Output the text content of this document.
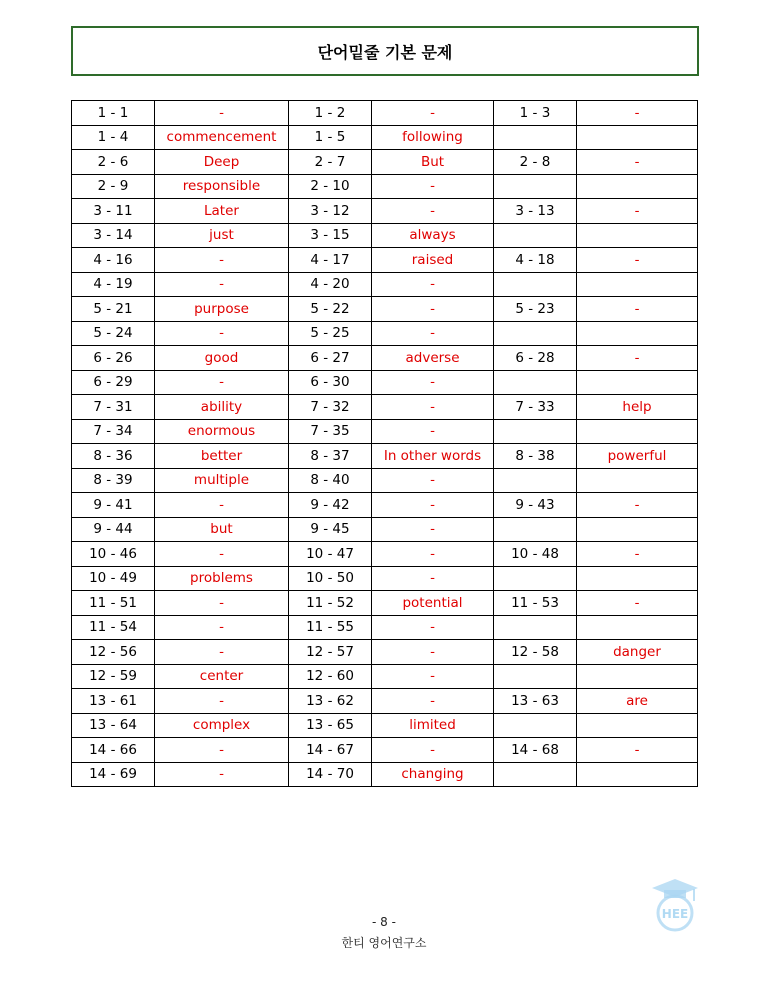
단어밑줄 기본 문제
1 - 1	-	1 - 2	-	1 - 3	-
1 - 4	commencement	1 - 5	following		
2 - 6	Deep	2 - 7	But	2 - 8	-
2 - 9	responsible	2 - 10	-		
3 - 11	Later	3 - 12	-	3 - 13	-
3 - 14	just	3 - 15	always		
4 - 16	-	4 - 17	raised	4 - 18	-
4 - 19	-	4 - 20	-		
5 - 21	purpose	5 - 22	-	5 - 23	-
5 - 24	-	5 - 25	-		
6 - 26	good	6 - 27	adverse	6 - 28	-
6 - 29	-	6 - 30	-		
7 - 31	ability	7 - 32	-	7 - 33	help
7 - 34	enormous	7 - 35	-		
8 - 36	better	8 - 37	In other words	8 - 38	powerful
8 - 39	multiple	8 - 40	-		
9 - 41	-	9 - 42	-	9 - 43	-
9 - 44	but	9 - 45	-		
10 - 46	-	10 - 47	-	10 - 48	-
10 - 49	problems	10 - 50	-		
11 - 51	-	11 - 52	potential	11 - 53	-
11 - 54	-	11 - 55	-		
12 - 56	-	12 - 57	-	12 - 58	danger
12 - 59	center	12 - 60	-		
13 - 61	-	13 - 62	-	13 - 63	are
13 - 64	complex	13 - 65	limited		
14 - 66	-	14 - 67	-	14 - 68	-
14 - 69	-	14 - 70	changing		
HEE
- 8 -
한티 영어연구소
